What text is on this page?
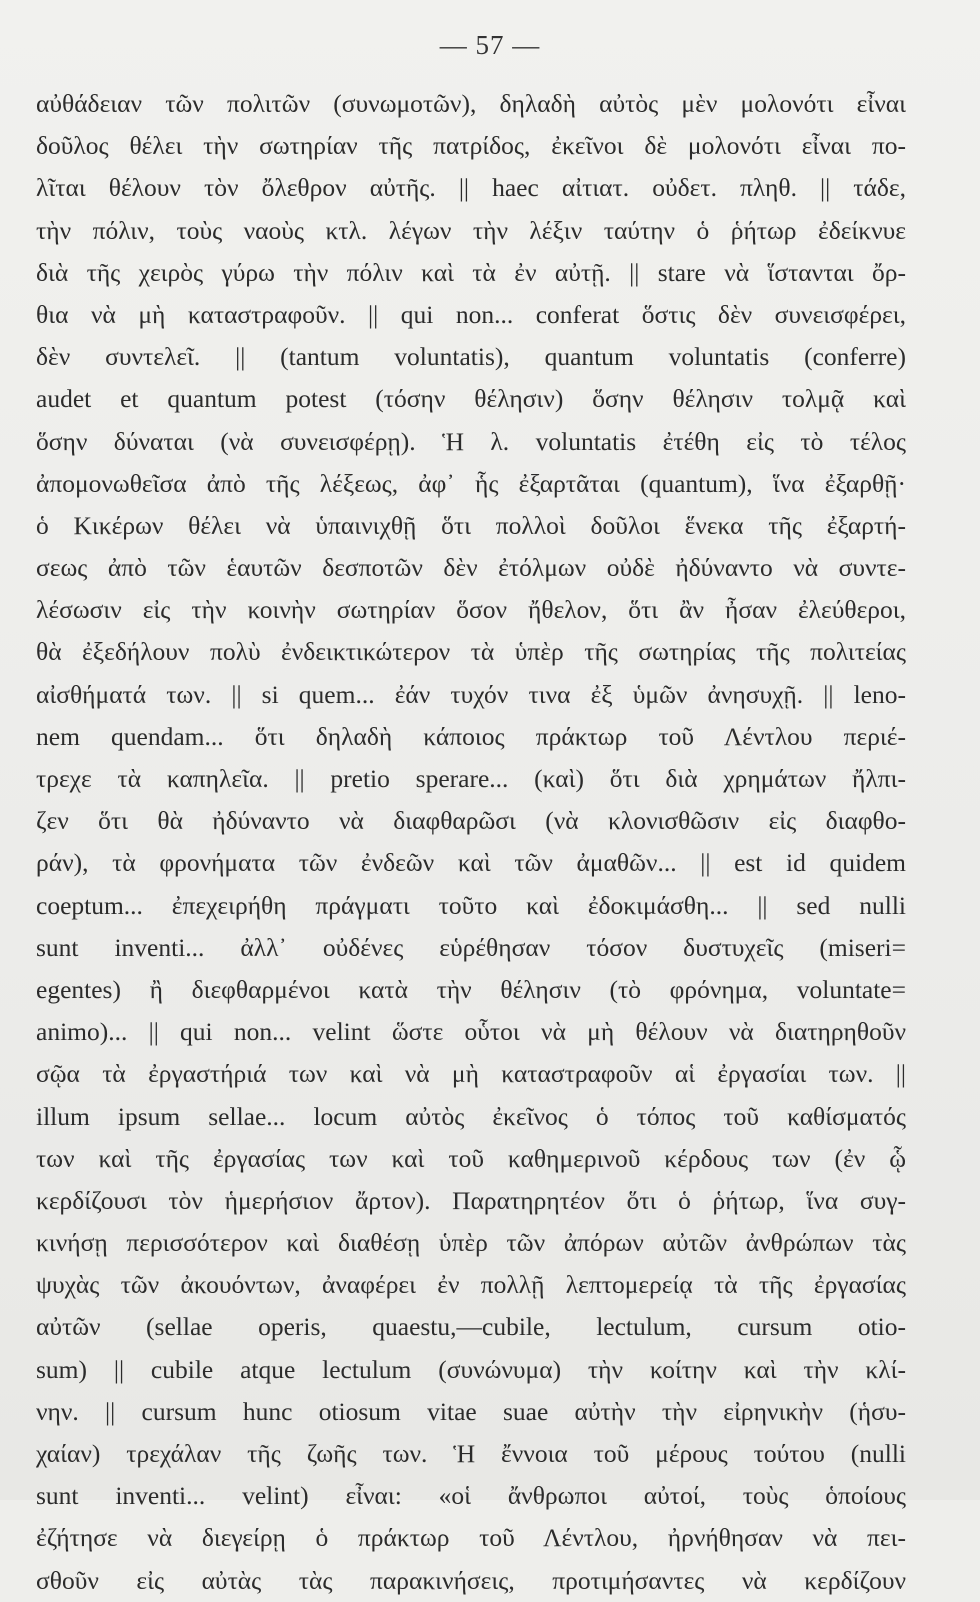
— 57 —
αὐθάδειαν τῶν πολιτῶν (συνωμοτῶν), δηλαδὴ αὐτὸς μὲν μολονότι εἶναι
δοῦλος θέλει τὴν σωτηρίαν τῆς πατρίδος, ἐκεῖνοι δὲ μολονότι εἶναι πο-
λῖται θέλουν τὸν ὄλεθρον αὐτῆς. || haec αἰτιατ. οὐδετ. πληθ. || τάδε,
τὴν πόλιν, τοὺς ναοὺς κτλ. λέγων τὴν λέξιν ταύτην ὁ ῥήτωρ ἐδείκνυε
διὰ τῆς χειρὸς γύρω τὴν πόλιν καὶ τὰ ἐν αὐτῇ. || stare νὰ ἵστανται ὄρ-
θια νὰ μὴ καταστραφοῦν. || qui non... conferat ὅστις δὲν συνεισφέρει,
δὲν συντελεῖ. || (tantum voluntatis), quantum voluntatis (conferre)
audet et quantum potest (τόσην θέλησιν) ὅσην θέλησιν τολμᾷ καὶ
ὅσην δύναται (νὰ συνεισφέρῃ). Ἡ λ. voluntatis ἐτέθη εἰς τὸ τέλος
ἀπομονωθεῖσα ἀπὸ τῆς λέξεως, ἀφ᾽ ἧς ἐξαρτᾶται (quantum), ἵνα ἐξαρθῇ·
ὁ Κικέρων θέλει νὰ ὑπαινιχθῇ ὅτι πολλοὶ δοῦλοι ἕνεκα τῆς ἐξαρτή-
σεως ἀπὸ τῶν ἑαυτῶν δεσποτῶν δὲν ἐτόλμων οὐδὲ ἠδύναντο νὰ συντε-
λέσωσιν εἰς τὴν κοινὴν σωτηρίαν ὅσον ἤθελον, ὅτι ἂν ἦσαν ἐλεύθεροι,
θὰ ἐξεδήλουν πολὺ ἐνδεικτικώτερον τὰ ὑπὲρ τῆς σωτηρίας τῆς πολιτείας
αἰσθήματά των. || si quem... ἐάν τυχόν τινα ἐξ ὑμῶν ἀνησυχῇ. || leno-
nem quendam... ὅτι δηλαδὴ κάποιος πράκτωρ τοῦ Λέντλου περιέ-
τρεχε τὰ καπηλεῖα. || pretio sperare... (καὶ) ὅτι διὰ χρημάτων ἤλπι-
ζεν ὅτι θὰ ἠδύναντο νὰ διαφθαρῶσι (νὰ κλονισθῶσιν εἰς διαφθο-
ράν), τὰ φρονήματα τῶν ἐνδεῶν καὶ τῶν ἀμαθῶν... || est id quidem
coeptum... ἐπεχειρήθη πράγματι τοῦτο καὶ ἐδοκιμάσθη... || sed nulli
sunt inventi... ἀλλ᾽ οὐδένες εὑρέθησαν τόσον δυστυχεῖς (miseri=
egentes) ἢ διεφθαρμένοι κατὰ τὴν θέλησιν (τὸ φρόνημα, voluntate=
animo)... || qui non... velint ὥστε οὗτοι νὰ μὴ θέλουν νὰ διατηρηθοῦν
σῷα τὰ ἐργαστήριά των καὶ νὰ μὴ καταστραφοῦν αἱ ἐργασίαι των. ||
illum ipsum sellae... locum αὐτὸς ἐκεῖνος ὁ τόπος τοῦ καθίσματός
των καὶ τῆς ἐργασίας των καὶ τοῦ καθημερινοῦ κέρδους των (ἐν ᾧ
κερδίζουσι τὸν ἡμερήσιον ἄρτον). Παρατηρητέον ὅτι ὁ ῥήτωρ, ἵνα συγ-
κινήσῃ περισσότερον καὶ διαθέσῃ ὑπὲρ τῶν ἀπόρων αὐτῶν ἀνθρώπων τὰς
ψυχὰς τῶν ἀκουόντων, ἀναφέρει ἐν πολλῇ λεπτομερείᾳ τὰ τῆς ἐργασίας
αὐτῶν (sellae operis, quaestu,—cubile, lectulum, cursum otio-
sum) || cubile atque lectulum (συνώνυμα) τὴν κοίτην καὶ τὴν κλί-
νην. || cursum hunc otiosum vitae suae αὐτὴν τὴν εἰρηνικὴν (ἡσυ-
χαίαν) τρεχάλαν τῆς ζωῆς των. Ἡ ἔννοια τοῦ μέρους τούτου (nulli
sunt inventi... velint) εἶναι: «οἱ ἄνθρωποι αὐτοί, τοὺς ὁποίους
ἐζήτησε νὰ διεγείρῃ ὁ πράκτωρ τοῦ Λέντλου, ἠρνήθησαν νὰ πει-
σθοῦν εἰς αὐτὰς τὰς παρακινήσεις, προτιμήσαντες νὰ κερδίζουν
